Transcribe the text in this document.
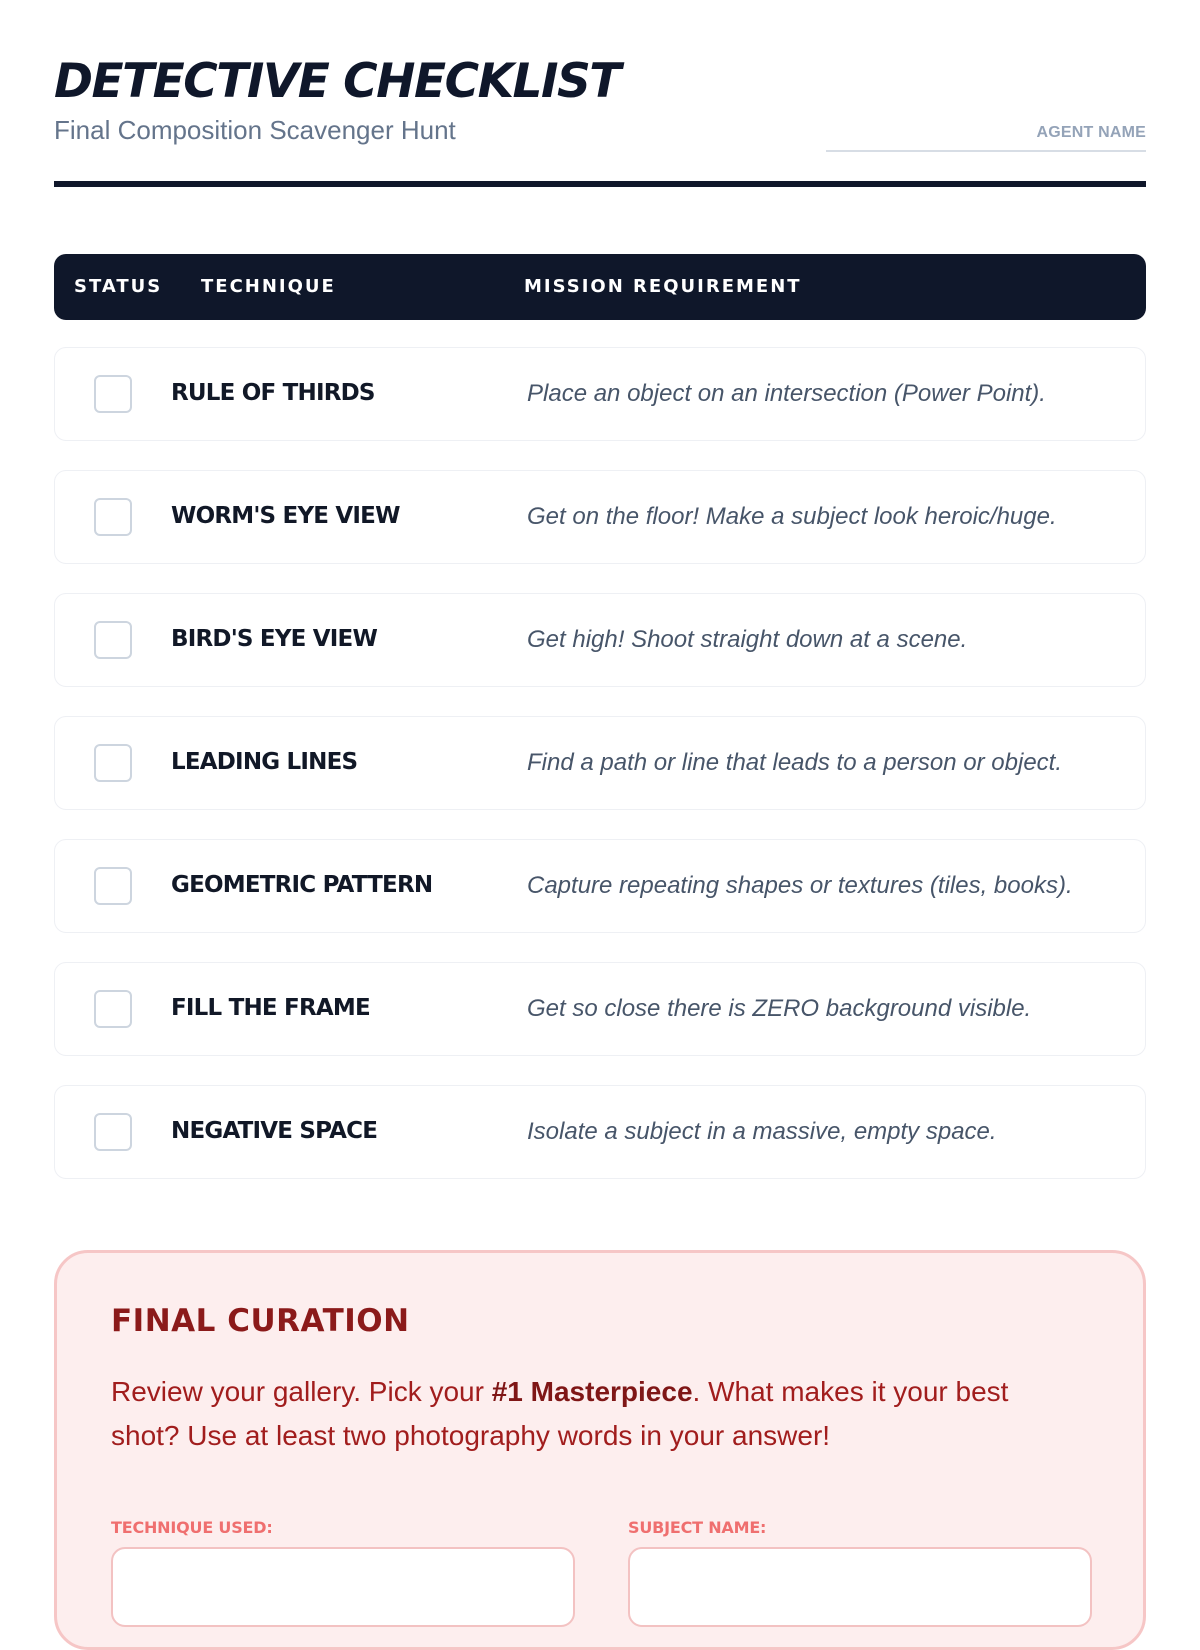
DETECTIVE CHECKLIST
Final Composition Scavenger Hunt	AGENT NAME
STATUS TECHNIQUE	MISSION REQUIREMENT
RULE OF THIRDS	Place an object on an intersection (Power Point).
WORM'S EYE VIEW	Get on the floor! Make a subject look heroic/huge.
BIRD'S EYE VIEW	Get high! Shoot straight down at a scene.
LEADING LINES	Find a path or line that leads to a person or object.
GEOMETRIC PATTERN	Capture repeating shapes or textures (tiles, books).
FILL THE FRAME	Get so close there is ZERO background visible.
NEGATIVE SPACE	Isolate a subject in a massive, empty space.
FINAL CURATION

Review your gallery. Pick your #1 Masterpiece. What makes it your best shot? Use at least two photography words in your answer!

TECHNIQUE USED:	SUBJECT NAME:
